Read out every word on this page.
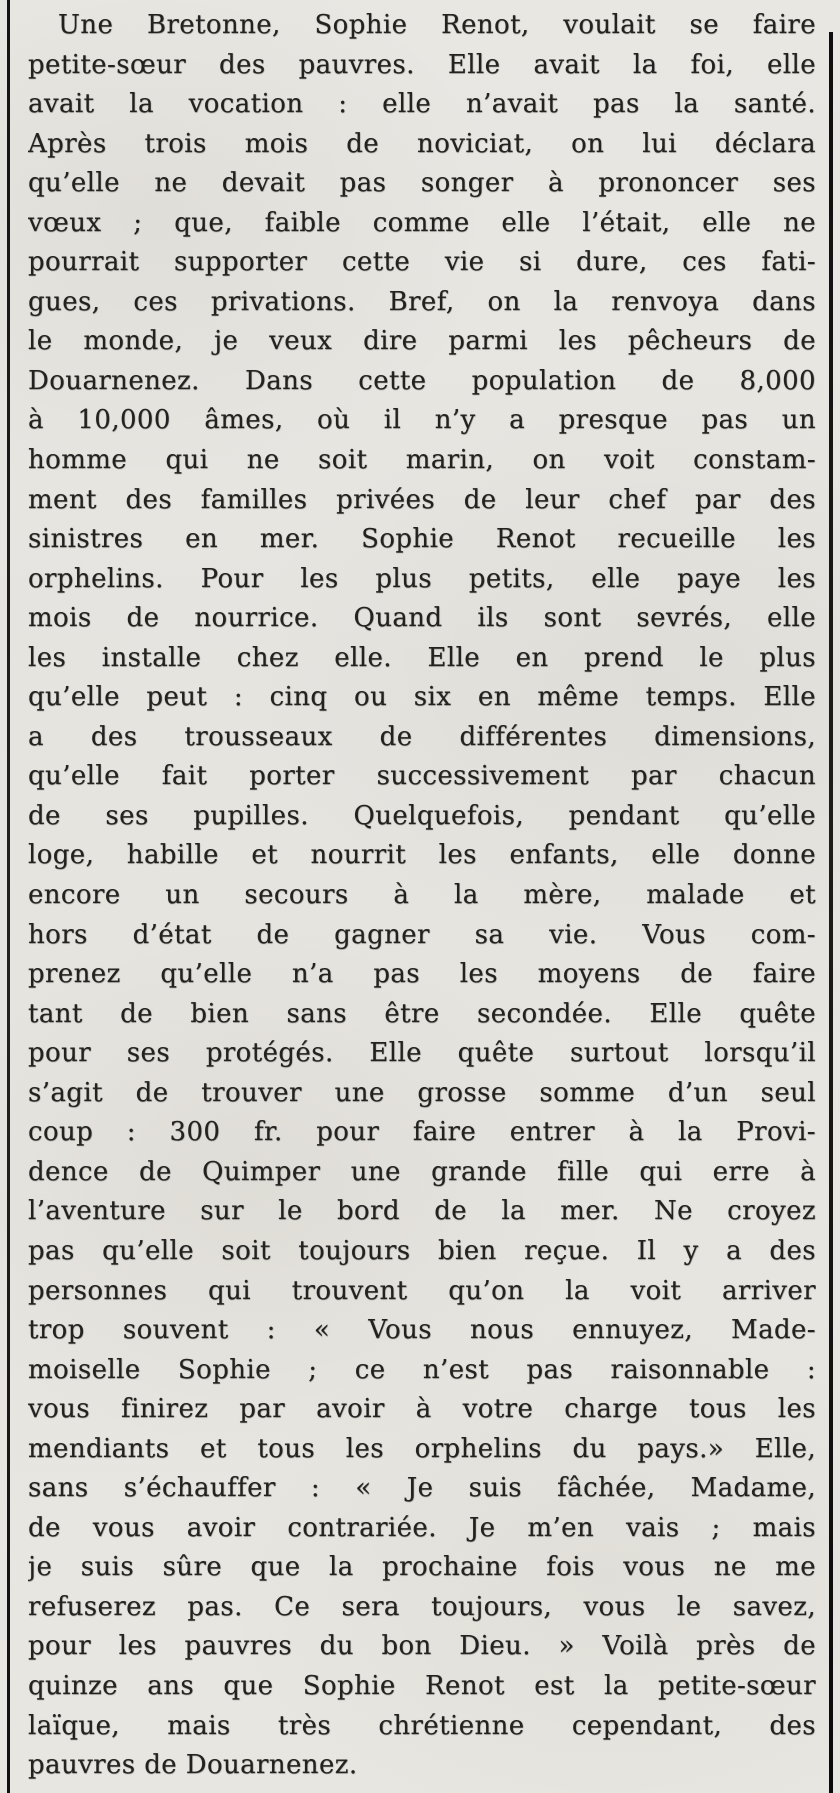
Une Bretonne, Sophie Renot, voulait se faire
petite-sœur des pauvres. Elle avait la foi, elle
avait la vocation : elle n’avait pas la santé.
Après trois mois de noviciat, on lui déclara
qu’elle ne devait pas songer à prononcer ses
vœux ; que, faible comme elle l’était, elle ne
pourrait supporter cette vie si dure, ces fati-
gues, ces privations. Bref, on la renvoya dans
le monde, je veux dire parmi les pêcheurs de
Douarnenez. Dans cette population de 8,000
à 10,000 âmes, où il n’y a presque pas un
homme qui ne soit marin, on voit constam-
ment des familles privées de leur chef par des
sinistres en mer. Sophie Renot recueille les
orphelins. Pour les plus petits, elle paye les
mois de nourrice. Quand ils sont sevrés, elle
les installe chez elle. Elle en prend le plus
qu’elle peut : cinq ou six en même temps. Elle
a des trousseaux de différentes dimensions,
qu’elle fait porter successivement par chacun
de ses pupilles. Quelquefois, pendant qu’elle
loge, habille et nourrit les enfants, elle donne
encore un secours à la mère, malade et
hors d’état de gagner sa vie. Vous com-
prenez qu’elle n’a pas les moyens de faire
tant de bien sans être secondée. Elle quête
pour ses protégés. Elle quête surtout lorsqu’il
s’agit de trouver une grosse somme d’un seul
coup : 300 fr. pour faire entrer à la Provi-
dence de Quimper une grande fille qui erre à
l’aventure sur le bord de la mer. Ne croyez
pas qu’elle soit toujours bien reçue. Il y a des
personnes qui trouvent qu’on la voit arriver
trop souvent : « Vous nous ennuyez, Made-
moiselle Sophie ; ce n’est pas raisonnable :
vous finirez par avoir à votre charge tous les
mendiants et tous les orphelins du pays.» Elle,
sans s’échauffer : « Je suis fâchée, Madame,
de vous avoir contrariée. Je m’en vais ; mais
je suis sûre que la prochaine fois vous ne me
refuserez pas. Ce sera toujours, vous le savez,
pour les pauvres du bon Dieu. » Voilà près de
quinze ans que Sophie Renot est la petite-sœur
laïque, mais très chrétienne cependant, des
pauvres de Douarnenez.
